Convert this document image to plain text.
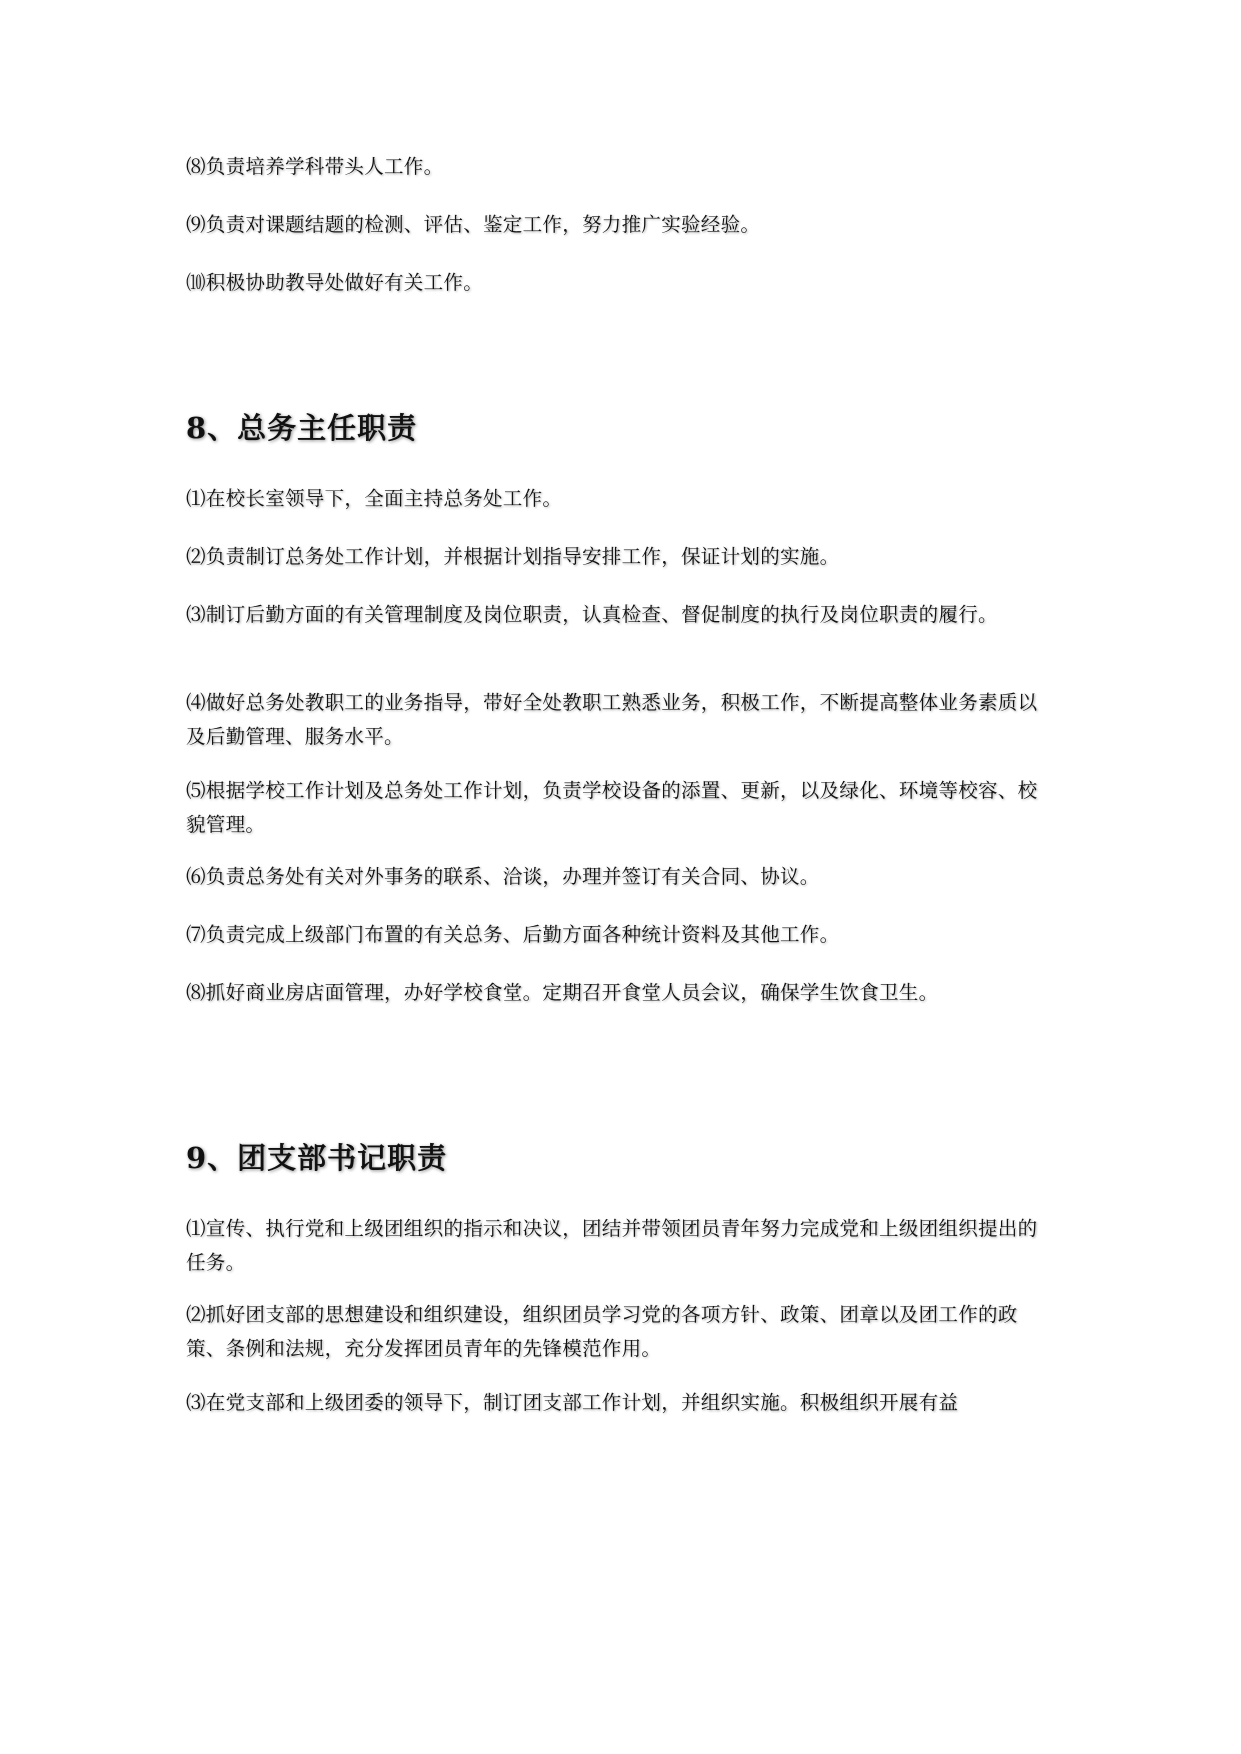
⑻负责培养学科带头人工作。

⑼负责对课题结题的检测、评估、鉴定工作，努力推广实验经验。

⑽积极协助教导处做好有关工作。

8、总务主任职责

⑴在校长室领导下，全面主持总务处工作。

⑵负责制订总务处工作计划，并根据计划指导安排工作，保证计划的实施。

⑶制订后勤方面的有关管理制度及岗位职责，认真检查、督促制度的执行及岗位职责的履行。

⑷做好总务处教职工的业务指导，带好全处教职工熟悉业务，积极工作，不断提高整体业务素质以及后勤管理、服务水平。

⑸根据学校工作计划及总务处工作计划，负责学校设备的添置、更新，以及绿化、环境等校容、校貌管理。

⑹负责总务处有关对外事务的联系、洽谈，办理并签订有关合同、协议。

⑺负责完成上级部门布置的有关总务、后勤方面各种统计资料及其他工作。

⑻抓好商业房店面管理，办好学校食堂。定期召开食堂人员会议，确保学生饮食卫生。

9、团支部书记职责

⑴宣传、执行党和上级团组织的指示和决议，团结并带领团员青年努力完成党和上级团组织提出的任务。

⑵抓好团支部的思想建设和组织建设，组织团员学习党的各项方针、政策、团章以及团工作的政策、条例和法规，充分发挥团员青年的先锋模范作用。

⑶在党支部和上级团委的领导下，制订团支部工作计划，并组织实施。积极组织开展有益
